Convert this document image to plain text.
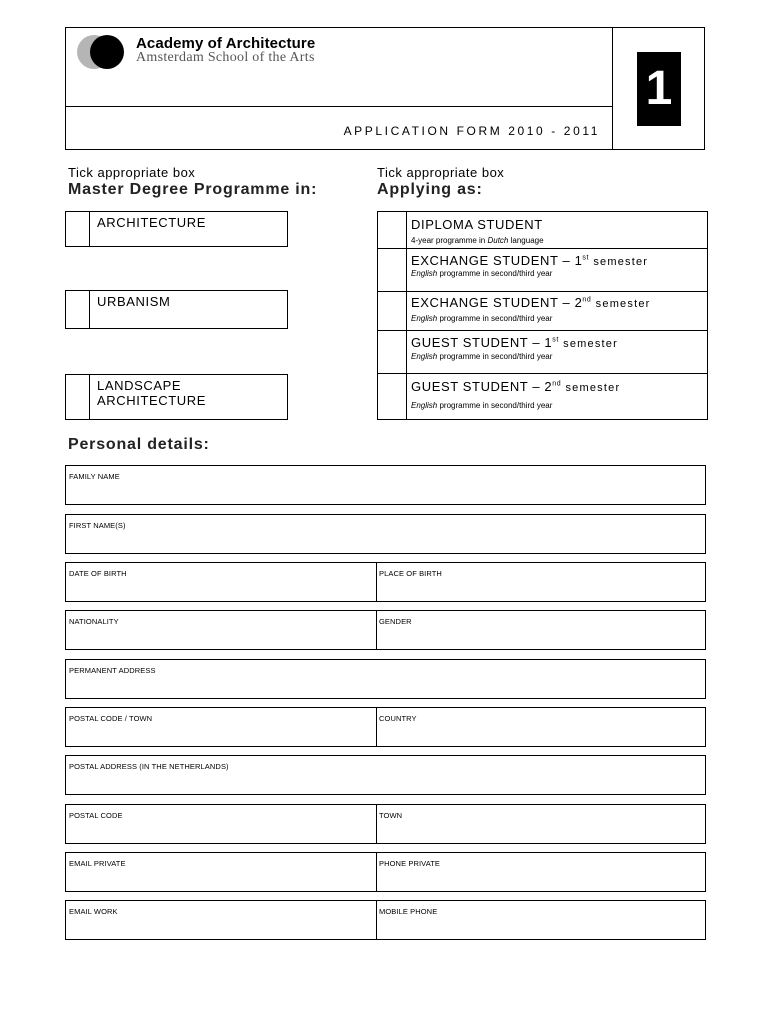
Academy of Architecture
Amsterdam School of the Arts
APPLICATION FORM 2010 - 2011
1
Tick appropriate box
Master Degree Programme in:
ARCHITECTURE
URBANISM
LANDSCAPE
ARCHITECTURE
Tick appropriate box
Applying as:
DIPLOMA STUDENT
4-year programme in Dutch language
EXCHANGE STUDENT – 1st semester
English programme in second/third year
EXCHANGE STUDENT – 2nd semester
English programme in second/third year
GUEST STUDENT – 1st semester
English programme in second/third year
GUEST STUDENT – 2nd semester
English programme in second/third year
Personal details:
FAMILY NAME
FIRST NAME(S)
DATE OF BIRTH	PLACE OF BIRTH
NATIONALITY	GENDER
PERMANENT ADDRESS
POSTAL CODE / TOWN	COUNTRY
POSTAL ADDRESS (IN THE NETHERLANDS)
POSTAL CODE	TOWN
EMAIL PRIVATE	PHONE PRIVATE
EMAIL WORK	MOBILE PHONE
